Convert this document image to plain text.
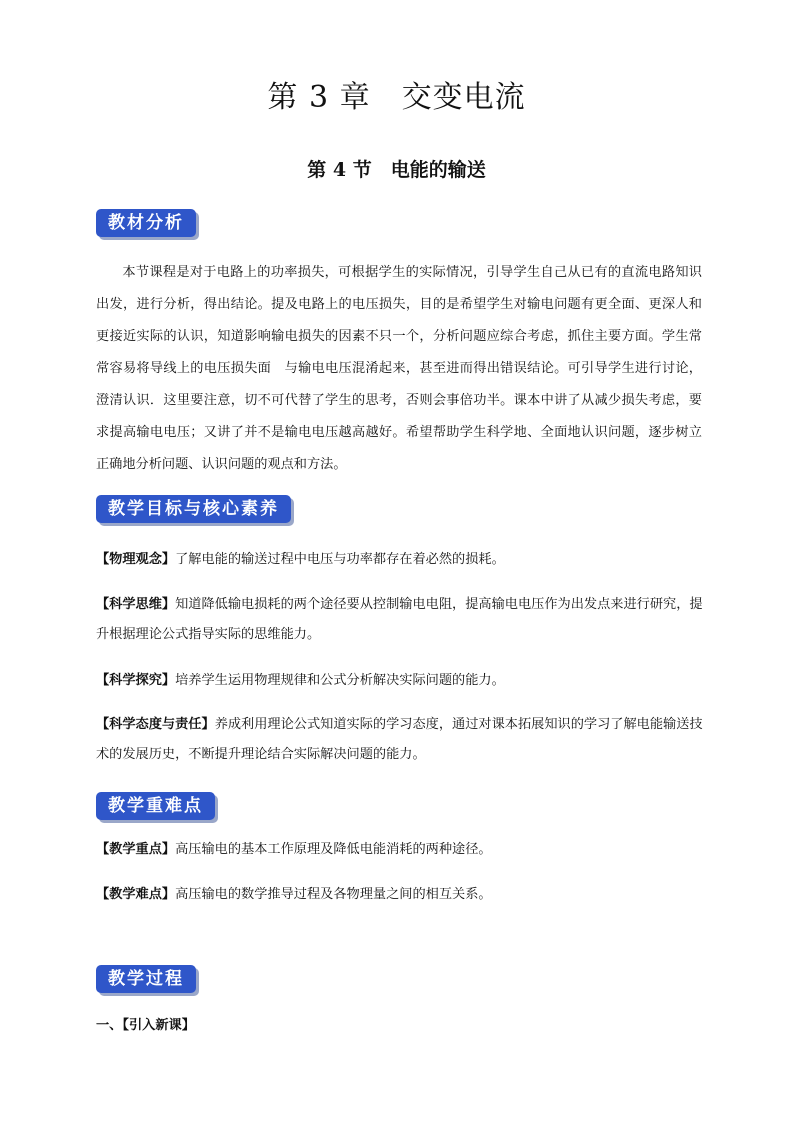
第 3 章　交变电流
第 4 节　电能的输送
教材分析
本节课程是对于电路上的功率损失，可根据学生的实际情况，引导学生自己从已有的直流电路知识出发，进行分析，得出结论。提及电路上的电压损失，目的是希望学生对输电问题有更全面、更深人和更接近实际的认识，知道影响输电损失的因素不只一个，分析问题应综合考虑，抓住主要方面。学生常常容易将导线上的电压损失面　与输电电压混淆起来，甚至进而得出错误结论。可引导学生进行讨论，澄清认识．这里要注意，切不可代替了学生的思考，否则会事倍功半。课本中讲了从减少损失考虑，要求提高输电电压；又讲了并不是输电电压越高越好。希望帮助学生科学地、全面地认识问题，逐步树立正确地分析问题、认识问题的观点和方法。
教学目标与核心素养
【物理观念】了解电能的输送过程中电压与功率都存在着必然的损耗。
【科学思维】知道降低输电损耗的两个途径要从控制输电电阻，提高输电电压作为出发点来进行研究，提升根据理论公式指导实际的思维能力。
【科学探究】培养学生运用物理规律和公式分析解决实际问题的能力。
【科学态度与责任】养成利用理论公式知道实际的学习态度，通过对课本拓展知识的学习了解电能输送技术的发展历史，不断提升理论结合实际解决问题的能力。
教学重难点
【教学重点】高压输电的基本工作原理及降低电能消耗的两种途径。
【教学难点】高压输电的数学推导过程及各物理量之间的相互关系。
教学过程
一、【引入新课】
